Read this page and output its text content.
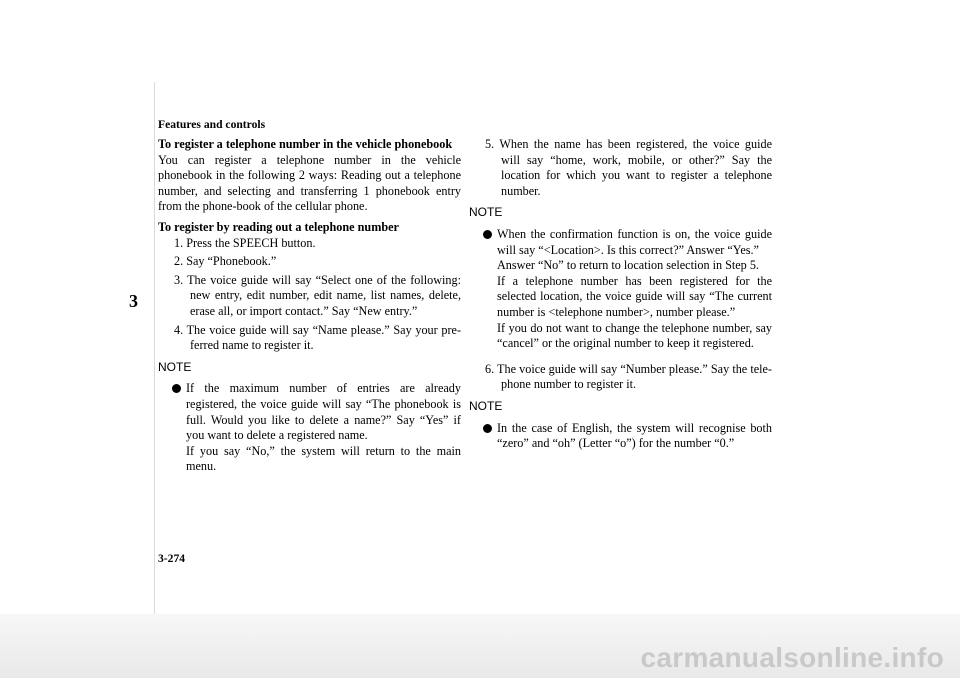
3
Features and controls

To register a telephone number in the vehicle phonebook
You can register a telephone number in the vehicle phonebook in the following 2 ways: Reading out a telephone number, and selecting and transferring 1 phonebook entry from the phone-book of the cellular phone.

To register by reading out a telephone number
1. Press the SPEECH button.
2. Say “Phonebook.”
3. The voice guide will say “Select one of the following: new entry, edit number, edit name, list names, delete, erase all, or import contact.” Say “New entry.”
4. The voice guide will say “Name please.” Say your pre-ferred name to register it.
NOTE
If the maximum number of entries are already registered, the voice guide will say “The phonebook is full. Would you like to delete a name?” Say “Yes” if you want to delete a registered name.
If you say “No,” the system will return to the main menu.
5. When the name has been registered, the voice guide will say “home, work, mobile, or other?” Say the location for which you want to register a telephone number.
NOTE
When the confirmation function is on, the voice guide will say “<Location>. Is this correct?” Answer “Yes.”
Answer “No” to return to location selection in Step 5.
If a telephone number has been registered for the selected location, the voice guide will say “The current number is <telephone number>, number please.”
If you do not want to change the telephone number, say “cancel” or the original number to keep it registered.
6. The voice guide will say “Number please.” Say the tele-phone number to register it.
NOTE
In the case of English, the system will recognise both “zero” and “oh” (Letter “o”) for the number “0.”
3-274
carmanualsonline.info
